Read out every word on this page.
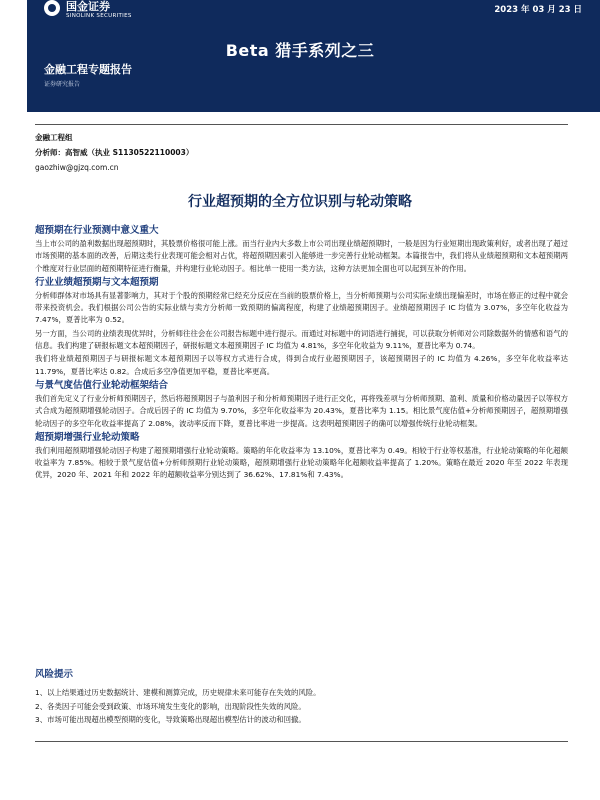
国金证券
SINOLINK SECURITIES
2023 年 03 月 23 日
Beta 猎手系列之三
金融工程专题报告
证券研究报告
金融工程组
分析师：高智威（执业 S1130522110003）
gaozhiw@gjzq.com.cn
行业超预期的全方位识别与轮动策略

超预期在行业预测中意义重大

当上市公司的盈利数据出现超预期时，其股票价格很可能上涨。而当行业内大多数上市公司出现业绩超预期时，一般是因为行业短期出现政策利好，或者出现了超过市场预期的基本面的改善，后期这类行业表现可能会相对占优，将超预期因素引入能够进一步完善行业轮动框架。本篇报告中，我们将从业绩超预期和文本超预期两个维度对行业层面的超预期特征进行衡量，并构建行业轮动因子。相比单一使用一类方法，这种方法更加全面也可以起到互补的作用。

行业业绩超预期与文本超预期

分析师群体对市场具有显著影响力，其对于个股的预期经常已经充分反应在当前的股票价格上，当分析师预期与公司实际业绩出现偏差时，市场在修正的过程中就会带来投资机会。我们根据公司公告的实际业绩与卖方分析师一致预期的偏离程度，构建了业绩超预期因子。业绩超预期因子 IC 均值为 3.07%，多空年化收益为 7.47%，夏普比率为 0.52。

另一方面，当公司的业绩表现优异时，分析师往往会在公司报告标题中进行提示。而通过对标题中的词语进行捕捉，可以获取分析师对公司除数据外的情感和语气的信息。我们构建了研报标题文本超预期因子，研报标题文本超预期因子 IC 均值为 4.81%，多空年化收益为 9.11%，夏普比率为 0.74。

我们将业绩超预期因子与研报标题文本超预期因子以等权方式进行合成，得到合成行业超预期因子，该超预期因子的 IC 均值为 4.26%，多空年化收益率达 11.79%，夏普比率达 0.82。合成后多空净值更加平稳，夏普比率更高。

与景气度估值行业轮动框架结合

我们首先定义了行业分析师预期因子，然后将超预期因子与盈利因子和分析师预期因子进行正交化，再将残差项与分析师预期、盈利、质量和价格动量因子以等权方式合成为超预期增强轮动因子。合成后因子的 IC 均值为 9.70%，多空年化收益率为 20.43%，夏普比率为 1.15。相比景气度估值+分析师预期因子，超预期增强轮动因子的多空年化收益率提高了 2.08%，波动率反而下降，夏普比率进一步提高。这表明超预期因子的确可以增强传统行业轮动框架。

超预期增强行业轮动策略

我们利用超预期增强轮动因子构建了超预期增强行业轮动策略。策略的年化收益率为 13.10%，夏普比率为 0.49。相较于行业等权基准，行业轮动策略的年化超额收益率为 7.85%。相较于景气度估值+分析师预期行业轮动策略，超预期增强行业轮动策略年化超额收益率提高了 1.20%。策略在最近 2020 年至 2022 年表现优异，2020 年、2021 年和 2022 年的超额收益率分别达到了 36.62%、17.81%和 7.43%。

风险提示

1、以上结果通过历史数据统计、建模和测算完成，历史规律未来可能存在失效的风险。
2、各类因子可能会受到政策、市场环境发生变化的影响，出现阶段性失效的风险。
3、市场可能出现超出模型预期的变化，导致策略出现超出模型估计的波动和回撤。
